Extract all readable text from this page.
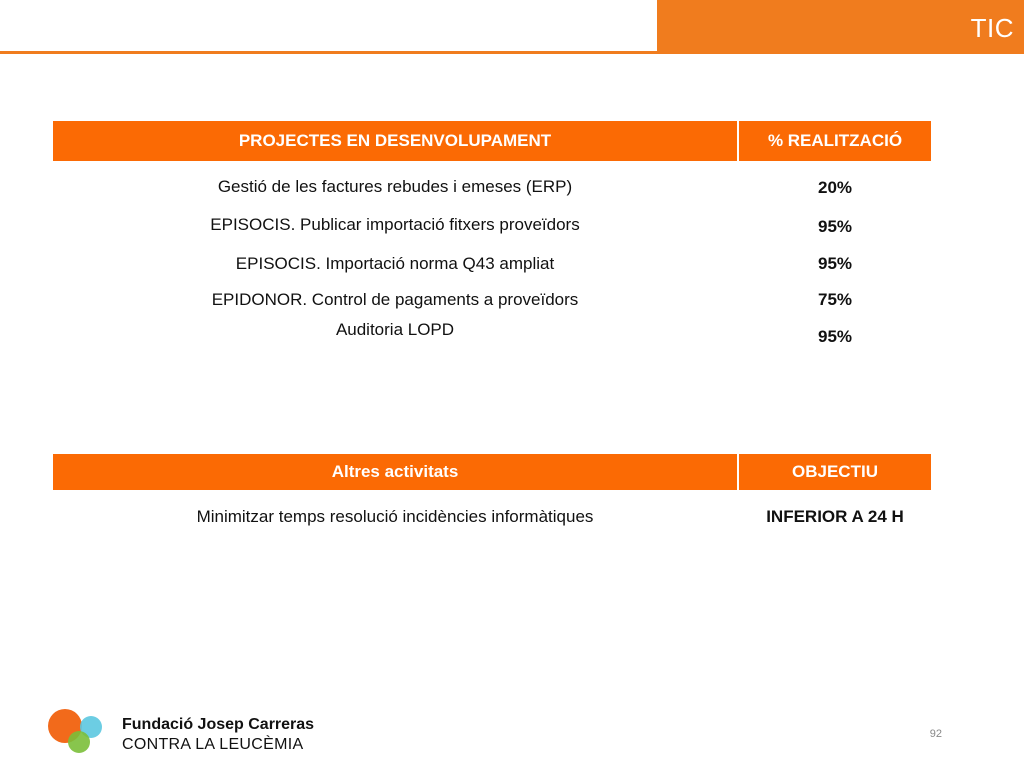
TIC
PROJECTES EN DESENVOLUPAMENT	% REALITZACIÓ
Gestió de les factures rebudes i emeses (ERP)	20%
EPISOCIS. Publicar importació fitxers proveïdors	95%
EPISOCIS. Importació norma Q43 ampliat	95%
EPIDONOR. Control de pagaments a proveïdors	75%
Auditoria LOPD	95%
Altres activitats	OBJECTIU
Minimitzar temps resolució incidències informàtiques	INFERIOR A 24 H
Fundació Josep Carreras
CONTRA LA LEUCÈMIA
92
